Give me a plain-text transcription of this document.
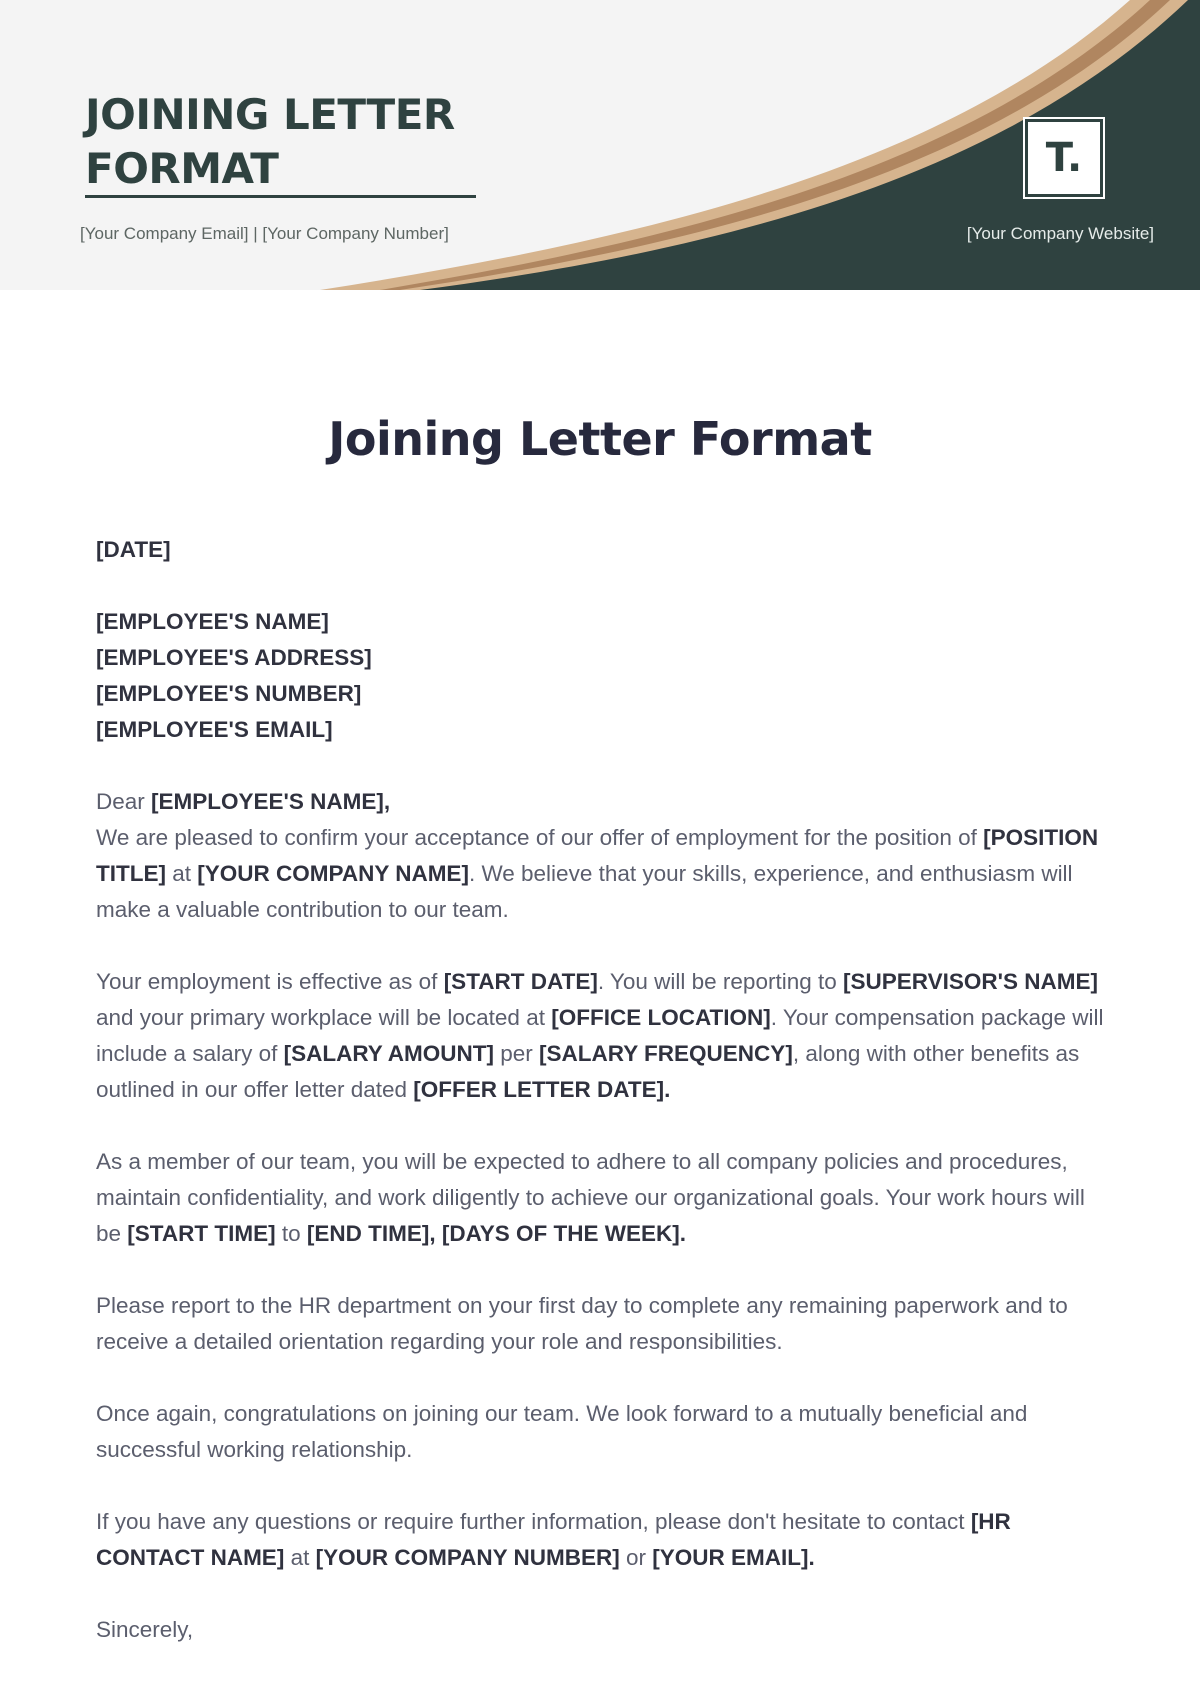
JOINING LETTER
FORMAT
[Your Company Email] | [Your Company Number]
T.
[Your Company Website]
Joining Letter Format

[DATE]

[EMPLOYEE'S NAME]
[EMPLOYEE'S ADDRESS]
[EMPLOYEE'S NUMBER]
[EMPLOYEE'S EMAIL]

Dear [EMPLOYEE'S NAME],

We are pleased to confirm your acceptance of our offer of employment for the position of [POSITION TITLE] at [YOUR COMPANY NAME]. We believe that your skills, experience, and enthusiasm will make a valuable contribution to our team.

Your employment is effective as of [START DATE]. You will be reporting to [SUPERVISOR'S NAME] and your primary workplace will be located at [OFFICE LOCATION]. Your compensation package will include a salary of [SALARY AMOUNT] per [SALARY FREQUENCY], along with other benefits as outlined in our offer letter dated [OFFER LETTER DATE].

As a member of our team, you will be expected to adhere to all company policies and procedures, maintain confidentiality, and work diligently to achieve our organizational goals. Your work hours will be [START TIME] to [END TIME], [DAYS OF THE WEEK].

Please report to the HR department on your first day to complete any remaining paperwork and to receive a detailed orientation regarding your role and responsibilities.

Once again, congratulations on joining our team. We look forward to a mutually beneficial and successful working relationship.

If you have any questions or require further information, please don't hesitate to contact [HR CONTACT NAME] at [YOUR COMPANY NUMBER] or [YOUR EMAIL].

Sincerely,
